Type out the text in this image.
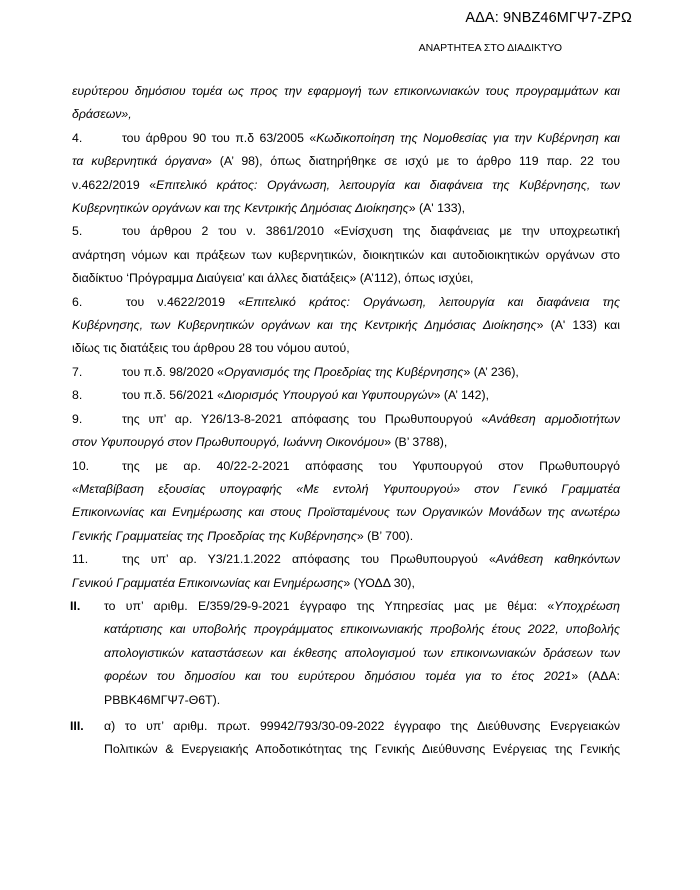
ΑΔΑ: 9ΝΒΖ46ΜΓΨ7-ΖΡΩ
ΑΝΑΡΤΗΤΕΑ ΣΤΟ ΔΙΑΔΙΚΤΥΟ
ευρύτερου δημόσιου τομέα ως προς την εφαρμογή των επικοινωνιακών τους προγραμμάτων και
δράσεων»,
4.	του άρθρου 90 του π.δ 63/2005 «Κωδικοποίηση της Νομοθεσίας για την Κυβέρνηση και
τα κυβερνητικά όργανα» (Α’ 98), όπως διατηρήθηκε σε ισχύ με το άρθρο 119 παρ. 22 του
ν.4622/2019 «Επιτελικό κράτος: Οργάνωση, λειτουργία και διαφάνεια της Κυβέρνησης, των
Κυβερνητικών οργάνων και της Κεντρικής Δημόσιας Διοίκησης» (Α' 133),
5.	του άρθρου 2 του ν. 3861/2010 «Ενίσχυση της διαφάνειας με την υποχρεωτική
ανάρτηση νόμων και πράξεων των κυβερνητικών, διοικητικών και αυτοδιοικητικών οργάνων στο
διαδίκτυο ‘Πρόγραμμα Διαύγεια’ και άλλες διατάξεις» (Α’112), όπως ισχύει,
6.	του ν.4622/2019 «Επιτελικό κράτος: Οργάνωση, λειτουργία και διαφάνεια της
Κυβέρνησης, των Κυβερνητικών οργάνων και της Κεντρικής Δημόσιας Διοίκησης» (Α' 133) και
ιδίως τις διατάξεις του άρθρου 28 του νόμου αυτού,
7.	του π.δ. 98/2020 «Οργανισμός της Προεδρίας της Κυβέρνησης» (Α’ 236),
8.	του π.δ. 56/2021 «Διορισμός Υπουργού και Υφυπουργών» (Α’ 142),
9.	της υπ’ αρ. Υ26/13-8-2021 απόφασης του Πρωθυπουργού «Ανάθεση αρμοδιοτήτων
στον Υφυπουργό στον Πρωθυπουργό, Ιωάννη Οικονόμου» (Β’ 3788),
10.	της με αρ. 40/22-2-2021 απόφασης του Υφυπουργού στον Πρωθυπουργό
«Μεταβίβαση εξουσίας υπογραφής «Με εντολή Υφυπουργού» στον Γενικό Γραμματέα
Επικοινωνίας και Ενημέρωσης και στους Προϊσταμένους των Οργανικών Μονάδων της ανωτέρω
Γενικής Γραμματείας της Προεδρίας της Κυβέρνησης» (Β’ 700).
11.	της υπ’ αρ. Υ3/21.1.2022 απόφασης του Πρωθυπουργού «Ανάθεση καθηκόντων
Γενικού Γραμματέα Επικοινωνίας και Ενημέρωσης» (ΥΟΔΔ 30),
II. το υπ’ αριθμ. Ε/359/29-9-2021 έγγραφο της Υπηρεσίας μας με θέμα: «Υποχρέωση
κατάρτισης και υποβολής προγράμματος επικοινωνιακής προβολής έτους 2022, υποβολής
απολογιστικών καταστάσεων και έκθεσης απολογισμού των επικοινωνιακών δράσεων των
φορέων του δημοσίου και του ευρύτερου δημόσιου τομέα για το έτος 2021» (ΑΔΑ:
ΡΒΒΚ46ΜΓΨ7-Θ6Τ).
III. α) το υπ’ αριθμ. πρωτ. 99942/793/30-09-2022 έγγραφο της Διεύθυνσης Ενεργειακών
Πολιτικών & Ενεργειακής Αποδοτικότητας της Γενικής Διεύθυνσης Ενέργειας της Γενικής
